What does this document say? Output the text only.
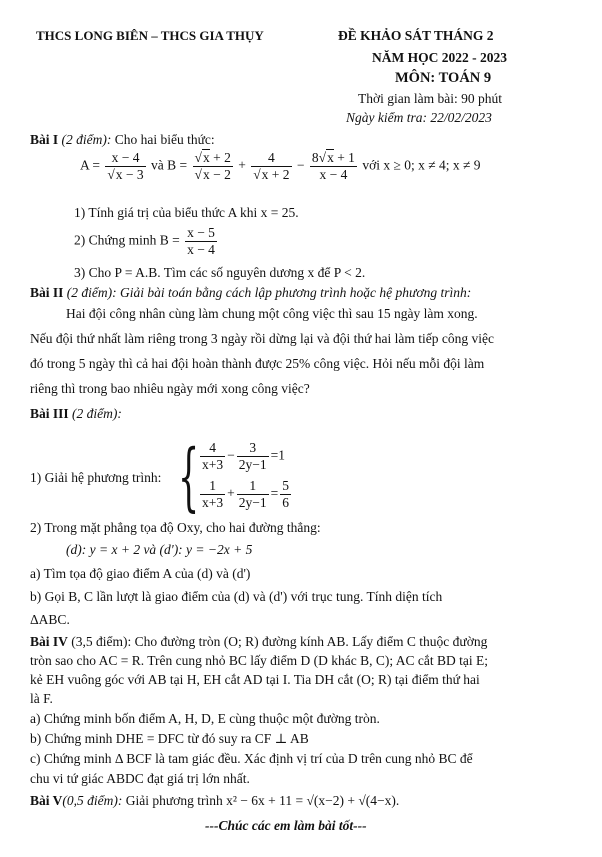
THCS LONG BIÊN – THCS GIA THỤY	ĐỀ KHẢO SÁT THÁNG 2
NĂM HỌC 2022 - 2023
MÔN: TOÁN 9
Thời gian làm bài: 90 phút
Ngày kiểm tra: 22/02/2023
Bài I (2 điểm): Cho hai biểu thức:
$A = \frac{x - 4}{√x - 3}$ và $B = \frac{√x + 2}{√x - 2} + \frac{4}{√x + 2} - \frac{8√x + 1}{x - 4}$ với x ≥ 0; x ≠ 4; x ≠ 9
1) Tính giá trị của biểu thức A khi x = 25.
2) Chứng minh $B = \frac{x - 5}{x - 4}$
3) Cho P = A.B. Tìm các số nguyên dương x để P < 2.
Bài II (2 điểm): Giải bài toán bằng cách lập phương trình hoặc hệ phương trình:
Hai đội công nhân cùng làm chung một công việc thì sau 15 ngày làm xong.
Nếu đội thứ nhất làm riêng trong 3 ngày rồi dừng lại và đội thứ hai làm tiếp công việc
đó trong 5 ngày thì cả hai đội hoàn thành được 25% công việc. Hỏi nếu mỗi đội làm
riêng thì trong bao nhiêu ngày mới xong công việc?
Bài III (2 điểm):
1) Giải hệ phương trình: { $\frac{4}{x+3} - \frac{3}{2y-1} =1$
$\frac{1}{x+3} + \frac{1}{2y-1} = \frac{5}{6}$
2) Trong mặt phẳng tọa độ Oxy, cho hai đường thẳng:
(d): y = x + 2 và (d'): y = −2x + 5
a) Tìm tọa độ giao điểm A của (d) và (d')
b) Gọi B, C lần lượt là giao điểm của (d) và (d') với trục tung. Tính diện tích
ΔABC.
Bài IV (3,5 điểm): Cho đường tròn (O; R) đường kính AB. Lấy điểm C thuộc đường
tròn sao cho AC = R. Trên cung nhỏ BC lấy điểm D (D khác B, C); AC cắt BD tại E;
kẻ EH vuông góc với AB tại H, EH cắt AD tại I. Tia DH cắt (O; R) tại điểm thứ hai
là F.
a) Chứng minh bốn điểm A, H, D, E cùng thuộc một đường tròn.
b) Chứng minh DHE = DFC từ đó suy ra CF ⊥ AB
c) Chứng minh Δ BCF là tam giác đều. Xác định vị trí của D trên cung nhỏ BC để
chu vi tứ giác ABDC đạt giá trị lớn nhất.
Bài V(0,5 điểm): Giải phương trình x² − 6x + 11 = √(x−2) + √(4−x).
---Chúc các em làm bài tốt---
